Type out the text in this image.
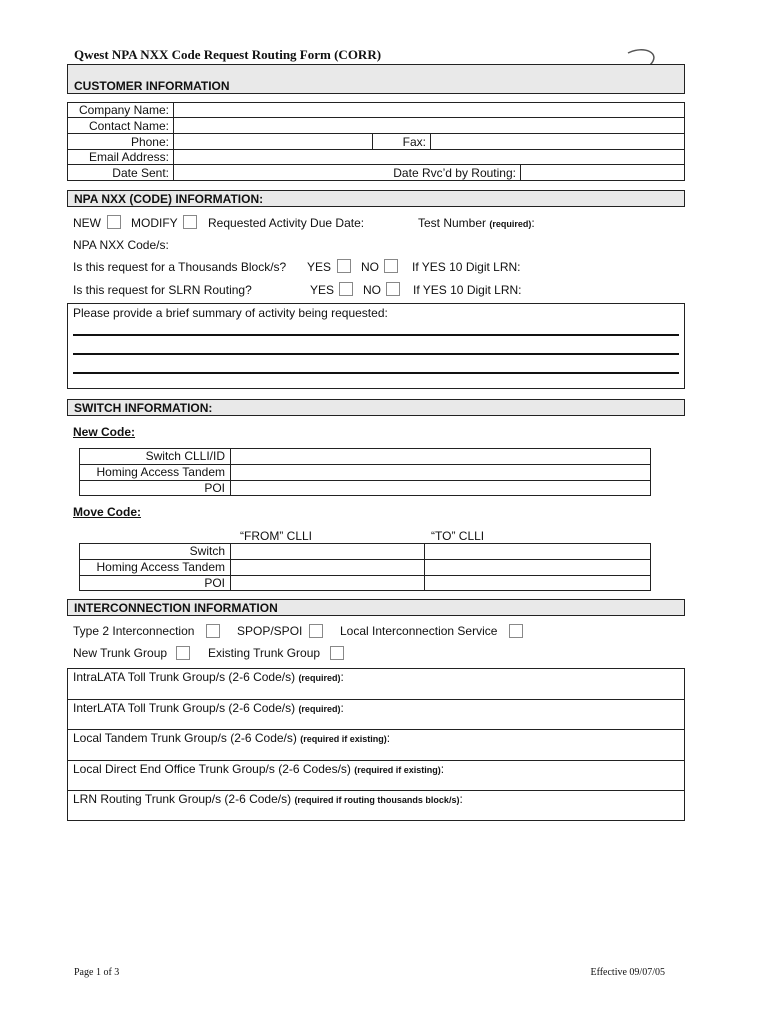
Qwest NPA NXX Code Request Routing Form (CORR)
CUSTOMER INFORMATION
Company Name:
Contact Name:
Phone:	Fax:
Email Address:
Date Sent:	Date Rvc’d by Routing:
NPA NXX (CODE) INFORMATION:
NEW	MODIFY	Requested Activity Due Date:	Test Number (required):
NPA NXX Code/s:
Is this request for a Thousands Block/s? YES NO	If YES 10 Digit LRN:
Is this request for SLRN Routing?	YES NO	If YES 10 Digit LRN:
Please provide a brief summary of activity being requested:
SWITCH INFORMATION:
New Code:
Switch CLLI/ID
Homing Access Tandem
POI
Move Code:
“FROM” CLLI	“TO” CLLI
Switch
Homing Access Tandem
POI
INTERCONNECTION INFORMATION
Type 2 Interconnection	SPOP/SPOI	Local Interconnection Service
New Trunk Group	Existing Trunk Group
IntraLATA Toll Trunk Group/s (2-6 Code/s) (required):
InterLATA Toll Trunk Group/s (2-6 Code/s) (required):
Local Tandem Trunk Group/s (2-6 Code/s) (required if existing):
Local Direct End Office Trunk Group/s (2-6 Codes/s) (required if existing):
LRN Routing Trunk Group/s (2-6 Code/s) (required if routing thousands block/s):
Page 1 of 3	Effective 09/07/05
